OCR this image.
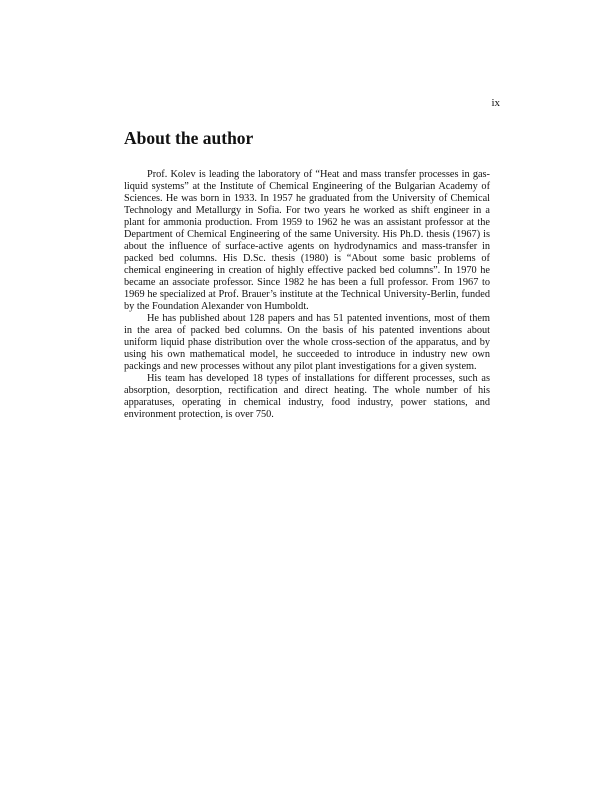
ix
About the author

Prof. Kolev is leading the laboratory of “Heat and mass transfer processes in gas-liquid systems” at the Institute of Chemical Engineering of the Bulgarian Academy of Sciences. He was born in 1933. In 1957 he graduated from the University of Chemical Technology and Metallurgy in Sofia. For two years he worked as shift engineer in a plant for ammonia production. From 1959 to 1962 he was an assistant professor at the Department of Chemical Engineering of the same University. His Ph.D. thesis (1967) is about the influence of surface-active agents on hydrodynamics and mass-transfer in packed bed columns. His D.Sc. thesis (1980) is “About some basic problems of chemical engineering in creation of highly effective packed bed columns”. In 1970 he became an associate professor. Since 1982 he has been a full professor. From 1967 to 1969 he specialized at Prof. Brauer’s institute at the Technical University-Berlin, funded by the Foundation Alexander von Humboldt.

He has published about 128 papers and has 51 patented inventions, most of them in the area of packed bed columns. On the basis of his patented inventions about uniform liquid phase distribution over the whole cross-section of the apparatus, and by using his own mathematical model, he succeeded to introduce in industry new own packings and new processes without any pilot plant investigations for a given system.

His team has developed 18 types of installations for different processes, such as absorption, desorption, rectification and direct heating. The whole number of his apparatuses, operating in chemical industry, food industry, power stations, and environment protection, is over 750.
